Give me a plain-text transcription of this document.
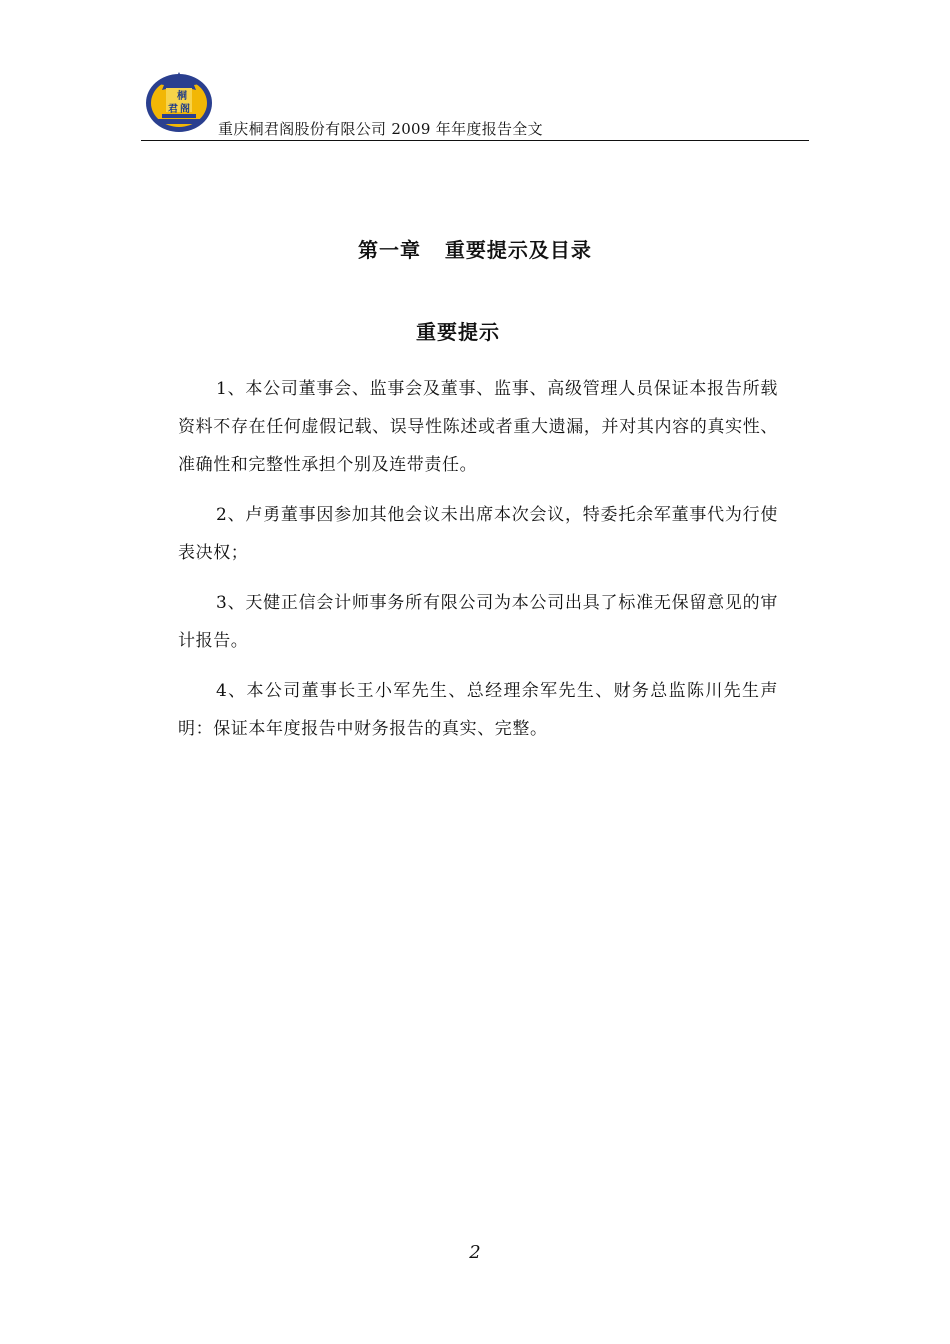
桐
君 阁
重庆桐君阁股份有限公司 2009 年年度报告全文
第一章   重要提示及目录
重要提示

1、本公司董事会、监事会及董事、监事、高级管理人员保证本报告所载资料不存在任何虚假记载、误导性陈述或者重大遗漏，并对其内容的真实性、准确性和完整性承担个别及连带责任。

2、卢勇董事因参加其他会议未出席本次会议，特委托余军董事代为行使表决权；

3、天健正信会计师事务所有限公司为本公司出具了标准无保留意见的审计报告。

4、本公司董事长王小军先生、总经理余军先生、财务总监陈川先生声明：保证本年度报告中财务报告的真实、完整。

2
